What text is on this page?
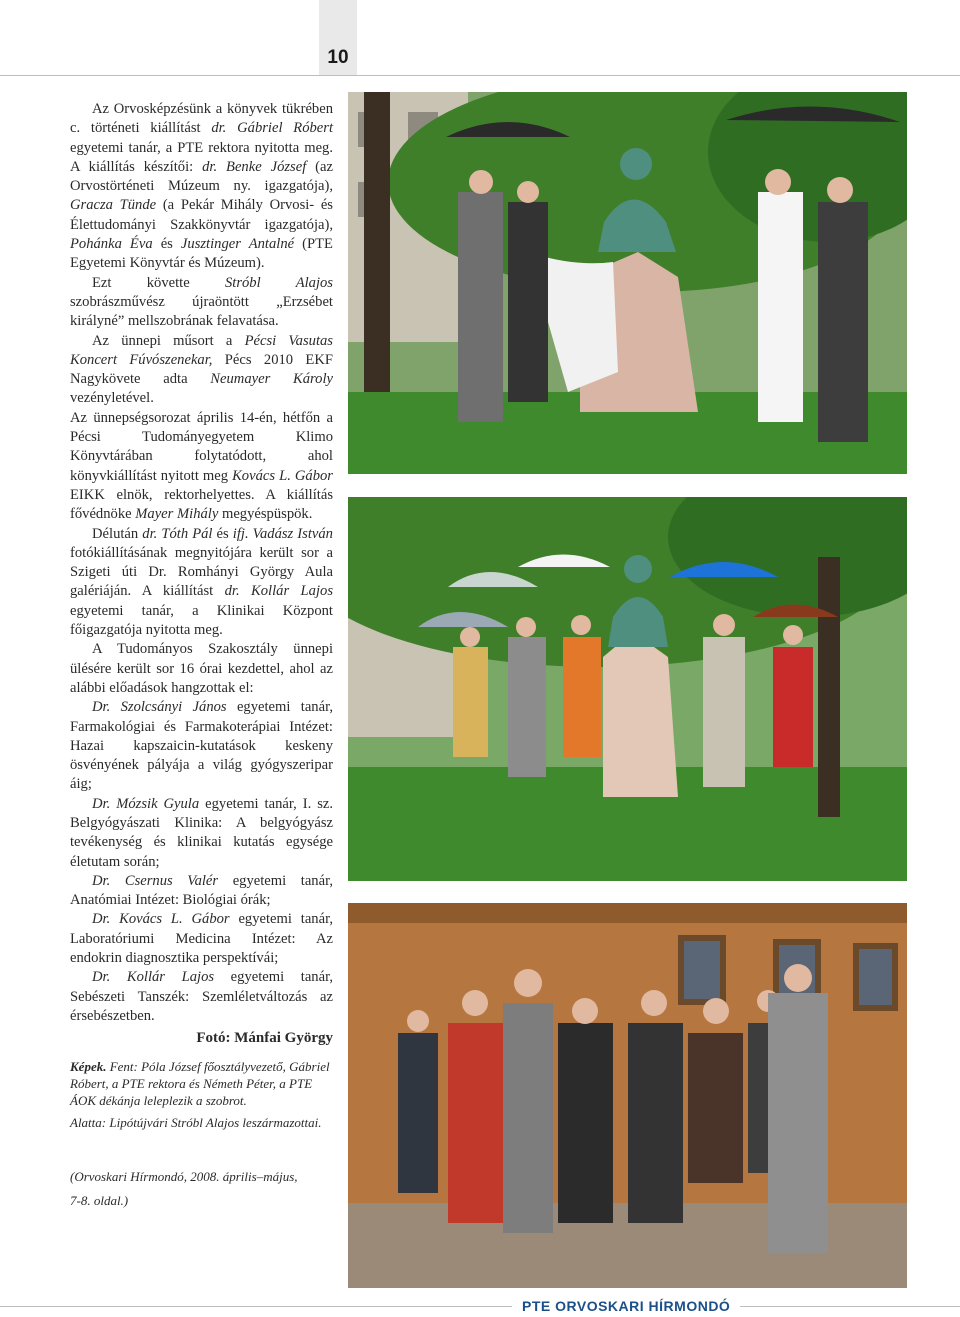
10

Az Orvosképzésünk a könyvek tükrében c. történeti kiállítást dr. Gábriel Róbert egyetemi tanár, a PTE rektora nyitotta meg. A kiállítás készítői: dr. Benke József (az Orvostörténeti Múzeum ny. igazgatója), Gracza Tünde (a Pekár Mihály Orvosi- és Élettudományi Szakkönyvtár igazgatója), Pohánka Éva és Jusztinger Antalné (PTE Egyetemi Könyvtár és Múzeum).

Ezt követte Stróbl Alajos szobrászművész újraöntött „Erzsébet királyné” mellszobrának felavatása.

Az ünnepi műsort a Pécsi Vasutas Koncert Fúvószenekar, Pécs 2010 EKF Nagykövete adta Neumayer Károly vezényletével.

Az ünnepségsorozat április 14-én, hétfőn a Pécsi Tudományegyetem Klimo Könyvtárában folytatódott, ahol könyvkiállítást nyitott meg Kovács L. Gábor EIKK elnök, rektorhelyettes. A kiállítás fővédnöke Mayer Mihály megyéspüspök.

Délután dr. Tóth Pál és ifj. Vadász István fotókiállításának megnyitójára került sor a Szigeti úti Dr. Romhányi György Aula galériáján. A kiállítást dr. Kollár Lajos egyetemi tanár, a Klinikai Központ főigazgatója nyitotta meg.

A Tudományos Szakosztály ünnepi ülésére került sor 16 órai kezdettel, ahol az alábbi előadások hangzottak el:

Dr. Szolcsányi János egyetemi tanár, Farmakológiai és Farmakoterápiai Intézet: Hazai kapszaicin-kutatások keskeny ösvényének pályája a világ gyógyszeripar áig;

Dr. Mózsik Gyula egyetemi tanár, I. sz. Belgyógyászati Klinika: A belgyógyász tevékenység és klinikai kutatás egysége életutam során;

Dr. Csernus Valér egyetemi tanár, Anatómiai Intézet: Biológiai órák;

Dr. Kovács L. Gábor egyetemi tanár, Laboratóriumi Medicina Intézet: Az endokrin diagnosztika perspektívái;

Dr. Kollár Lajos egyetemi tanár, Sebészeti Tanszék: Szemléletváltozás az érsebészetben.

Fotó: Mánfai György
Képek. Fent: Póla József főosztályvezető, Gábriel Róbert, a PTE rektora és Németh Péter, a PTE ÁOK dékánja leleplezik a szobrot.
Alatta: Lipótújvári Stróbl Alajos leszármazottai.
(Orvoskari Hírmondó, 2008. április–május,
7-8. oldal.)
PTE ORVOSKARI HÍRMONDÓ
